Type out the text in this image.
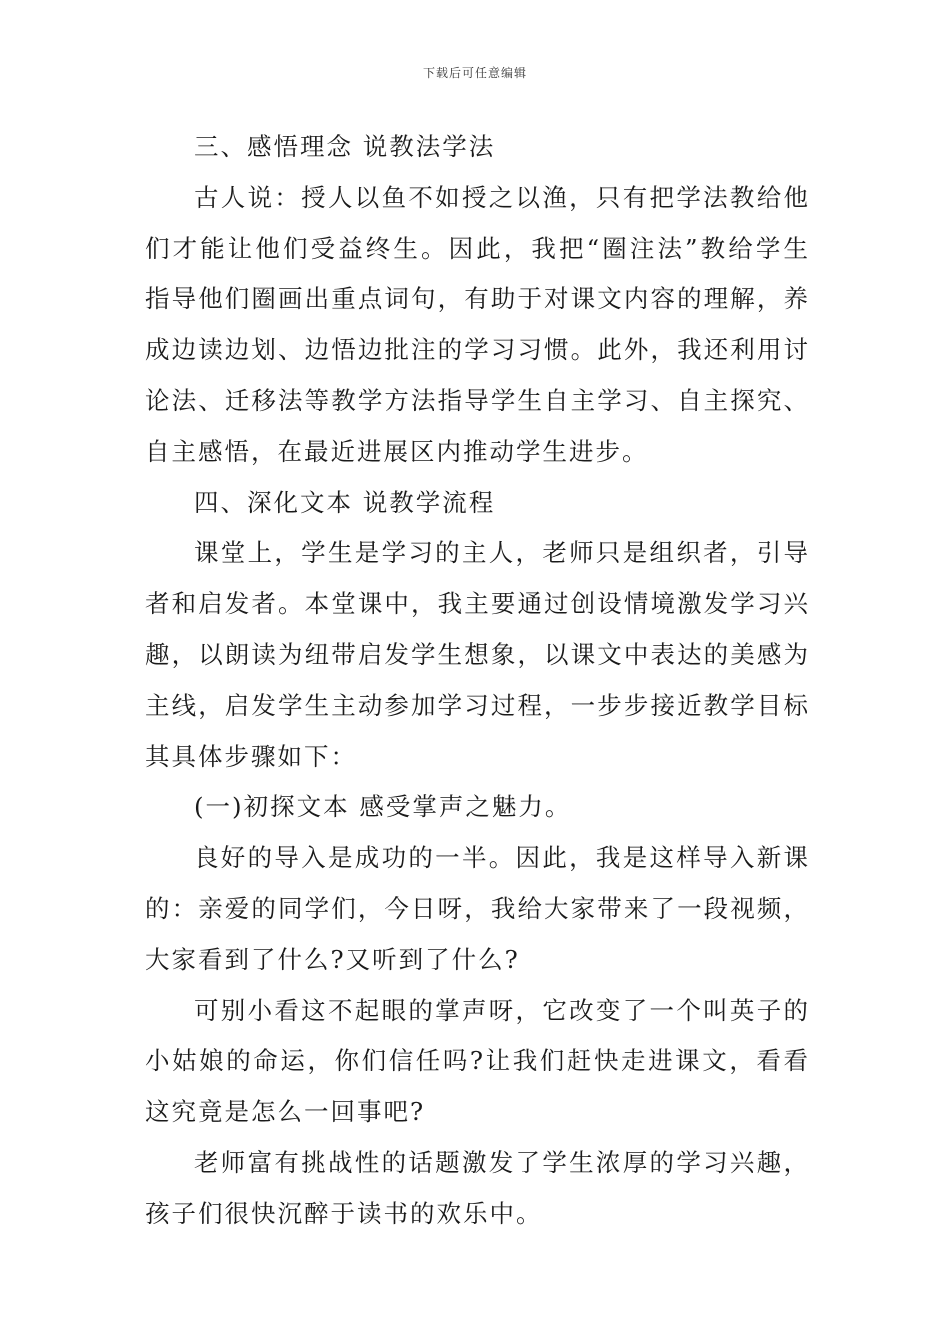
下载后可任意编辑

三、感悟理念 说教法学法

古人说：授人以鱼不如授之以渔，只有把学法教给他们才能让他们受益终生。因此，我把“圈注法”教给学生指导他们圈画出重点词句，有助于对课文内容的理解，养成边读边划、边悟边批注的学习习惯。此外，我还利用讨论法、迁移法等教学方法指导学生自主学习、自主探究、自主感悟，在最近进展区内推动学生进步。

四、深化文本 说教学流程

课堂上，学生是学习的主人，老师只是组织者，引导者和启发者。本堂课中，我主要通过创设情境激发学习兴趣，以朗读为纽带启发学生想象，以课文中表达的美感为主线，启发学生主动参加学习过程，一步步接近教学目标其具体步骤如下：

(一)初探文本 感受掌声之魅力。

良好的导入是成功的一半。因此，我是这样导入新课的：亲爱的同学们，今日呀，我给大家带来了一段视频，大家看到了什么?又听到了什么?

可别小看这不起眼的掌声呀，它改变了一个叫英子的小姑娘的命运，你们信任吗?让我们赶快走进课文，看看这究竟是怎么一回事吧?

老师富有挑战性的话题激发了学生浓厚的学习兴趣，孩子们很快沉醉于读书的欢乐中。
